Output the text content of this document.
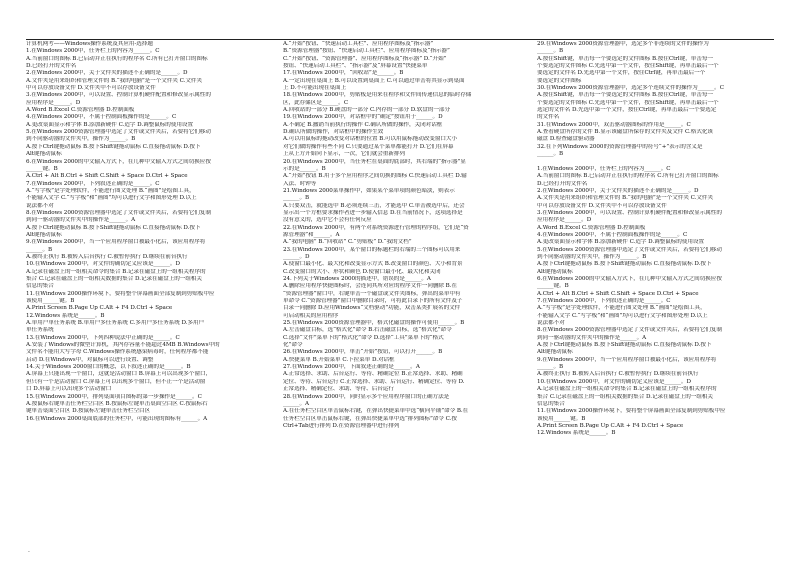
计算机网考——Windows操作系统及其应用-选择题
1.在Windows 2000中，任务栏上的内容为______。C
A.当前窗口的图标 B.已启动并正在执行的程序名 C.所有已打开窗口的图标
D.已经打开的文件名
2.在Windows 2000中，关于文件夹的描述不正确的是______。D
A.文件夹是用来组织和管理文件的 B.“我的电脑”是一个文件夹 C.文件夹
中可以存放设备文件 D.文件夹中不可以存放设备文件
3.在Windows 2000中，可以设置、控制计算机硬件配置和修改显示属性的
应用程序是______。D
A.Word B.Excel C.资源管理器 D.控制面板
4.在Windows 2000中，不属于控制面板操作的是______。C
A.更改桌面显示和字体 B.添加新硬件 C.造字 D.调整鼠标的使用设置
5.在Windows 2000资源管理器中选定了文件或文件夹后，若要将它们移动
到不同驱动器的文件夹中，操作为______。B
A.按下Ctrl键拖动鼠标 B.按下Shift键拖动鼠标 C.直接拖动鼠标 D.按下
Alt键拖动鼠标
6.在Windows 2000的中文输入方式下，在几种中文输入方式之间切换应按
______键。B
A.Ctrl + Alt B.Ctrl + Shift C.Shift + Space D.Ctrl + Space
7.在Windows 2000中，下列叙述正确的是______。C
A.“写字板”是字处理软件，不能进行图文处理 B.“画图”是绘图工具，
不能输入文字 C.“写字板”和“画图”均可以进行文字和图形处理 D.以上
说法都不对
8.在Windows 2000资源管理器中选定了文件或文件夹后，若要将它们复制
到同一驱动器的文件夹中的操作是______。A
A.按下Ctrl键拖动鼠标 B.按下Shift键拖动鼠标 C.直接拖动鼠标 D.按下
Alt键拖动鼠标
9.在Windows 2000中，当一个应用程序窗口被最小化后，该应用程序将
______。B
A.被终止执行 B.被转入后台执行 C.被暂停执行 D.继续在前台执行
10.在Windows 2000中，对文件的确切定义应该是______。D
A.记录在磁盘上的一组相关命令的集合 B.记录在磁盘上的一组相关程序的
集合 C.记录在磁盘上的一组相关数据的集合 D.记录在磁盘上的一组相关
信息的集合
11.在Windows 2000操作环境下，要将整个屏幕画面全部复制到剪贴板中应
该使用______键。B
A.Print Screen B.Page Up C.Alt + F4 D.Ctrl + Space
12.Windows 系统是______。B
A.单用户单任务系统 B.单用户多任务系统 C.多用户多任务系统 D.多用户
单任务系统
13.在Windows 2000中，下列四种说法中正确的是______。C
A.安装了Windows的微型计算机，其内存容量不能超过4MB B.Windows中的
文件名不能用大写字母 C.Windows操作系统感染病毒时，任何程序都不能
启动 D.在Windows中，对鼠标可以进行设置、调整
14.关于Windows 2000窗口的概念，以下叙述正确的是______。B
A.屏幕上只能出现一个窗口，这就是活动窗口 B.屏幕上可以出现多个窗口，
但只有一个是活动窗口 C.屏幕上可以出现多个窗口，但不止一个是活动窗
口 D.屏幕上可以出现多个活动窗口
15.在Windows 2000中，排列桌面项目图标的第一步操作是______。C
A.按鼠标右键单击任务栏空白区 B.按鼠标左键单击桌面空白区 C.按鼠标右
键单击桌面空白区 D.按鼠标左键单击任务栏空白区
16.在Windows 2000桌面底部的任务栏中，可能出现的图标有______。A
A.“开始”按钮、“快速启动工具栏”、应用程序图标及“指示器”
B.“资源管理器”按钮、“快速启动工具栏”、应用程序图标及“指示器”
C.“开始”按钮、“资源管理器”、应用程序图标及“指示器” D.“开始”
按钮、“快速启动工具栏”、“指示器”及“屏幕设置”快捷菜单
17.在Windows 2000中，“回收站”是______。B
A.一定出现在桌面上 B.可以设置到桌面上 C.可以通过单击将其显示到桌面
上 D.不可能出现在桌面上
18.在Windows 2000中，剪贴板是用来在程序和文件间传递信息的临时存储
区，此存储区是______。C
A.回收站的一部分 B.硬盘的一部分 C.内存的一部分 D.软盘的一部分
19.在Windows 2000中，对话框中的“确定”按钮用于______。D
A.不确定 B.撤销当前执行的操作 C.确认所做的操作，关闭对话框
D.确认所做的操作，对话框中的操作生效
A.可以用鼠标的拖动改变对话框的位置 B.可以用鼠标拖动改变窗口大小
对它们做的操作有些不同 C.只要通过某个菜单都能打开 D.它们在屏幕
上从上方开始向下显示，一次，它们就会重新排列
20.在Windows 2000中，当任务栏在桌面的底部时，其右端的“指示器”显
示的是______。B
A.“开始”按钮 B.用于多个应用程序之间切换的图标 C.快速启动工具栏 D.输
入法、时钟等
21.Windows 2000菜单操作中，如果某个菜单项的颜色暗淡，则表示
______。B
A.只要双击，就能选中 B.必须连续三击，才能选中 C.单击被选中后，还会
显示出一个方框要求操作者进一步输入信息 D.在当前情况下，这项选择是
没有意义的，选中它不会有任何反应
22.在Windows 2000中，有两个对系统资源进行管理的程序组，它们是“资
源管理器”和______。A
A.“我的电脑” B.“回收站” C.“剪贴板” D.“我的文档”
23.在Windows 2000中，某个窗口的标题栏的右端的三个图标可以用来
______。D
A.使窗口最小化、最大化和改变显示方式 B.改变窗口的颜色、大小和背景
C.改变窗口的大小、形状和颜色 D.使窗口最小化、最大化和关闭
24.下列关于Windows 2000的描述中，错误的是______。A
A.删除应用程序快捷图标时，会连同其所对应的程序文件一同删除 B.在
“资源管理器”窗口中，右键单击一个磁盘或文件夹图标，弹出的菜单中有
单命令 C.“资源管理器”窗口中删除目录时，可将此目录下的所有文件及子
目录一同删除 D.应用Windows“文档驱动”功能，双击某类扩展名的文件
可启动相关的应用程序
25.在Windows 2000资源管理器中，格式化磁盘的操作可使用______。B
A.左击磁盘目标，选“格式化”命令 B.右击磁盘目标，选“格式化”命令
C.选择“文件”菜单下的“格式化”命令 D.选择“工具”菜单下的“格式
化”命令
26.在Windows 2000中，单击“开始”按钮，可以打开______。B
A.快捷菜单 B.开始菜单 C.下拉菜单 D.对话框
27.在Windows 2000中，下面叙述正确的是______。A
A.正常选择、求助、后台运行、等待、精确定位 B.正常选择、求助、精确
定位、等待、后台运行 C.正常选择、求助、后台运行、精确定位、等待 D.
正常选择、精确定位、求助、等待、后台运行
28.在Windows 2000中，同时显示多个应用程序窗口的正确方法是
______。A
A.在任务栏空白区单击鼠标右键，在弹出快捷菜单中选“横向平铺”命令 B.在
任务栏空白区单击鼠标右键，在弹出快捷菜单中选“排列图标”命令 C.按
Ctrl+Tab进行排列 D.在资源管理器中进行排列
29.在Windows 2000资源管理器中，选定多个非连续的文件的操作为
______。B
A.按住Shift键，单击每一个要选定的文件图标 B.按住Ctrl键，单击每一
个要选定的文件图标 C.先选中第一个文件，按住Shift键，再单击最后一个
要选定的文件名 D.先选中第一个文件，按住Ctrl键，再单击最后一个
要选定的文件图标
30.在Windows 2000资源管理器中，选定多个连续文件的操作为______。C
A.按住Shift键，单击每一个要选定的文件图标 B.按住Ctrl键，单击每一
个要选定的文件图标 C.先选中第一个文件，按住Shift键，再单击最后一个
选定的文件名 D.先选中第一个文件，按住Ctrl键，再单击最后一个要选定
的文件名
31.在Windows 2000中，双击驱动器图标的作用是______。C
A.查看硬盘所存的文件 B.显示该磁盘所保存的文件夹及文件 C.格式化该
磁盘 D.检查磁盘驱动器
32.在下列Windows 2000的资源管理器中的符号“+”表示的含义是
______。B
1.在Windows 2000中，任务栏上的内容为______。C
A.当前窗口的图标 B.已启动并正在执行的程序名 C.所有已打开窗口的图标
D.已经打开的文件名
2.在Windows 2000中，关于文件夹的描述不正确的是______。D
A.文件夹是用来组织和管理文件的 B.“我的电脑”是一个文件夹 C.文件夹
中可以存放设备文件 D.文件夹中不可以存放设备文件
3.在Windows 2000中，可以设置、控制计算机硬件配置和修改显示属性的
应用程序是______。D
A.Word B.Excel C.资源管理器 D.控制面板
4.在Windows 2000中，不属于控制面板操作的是______。C
A.更改桌面显示和字体 B.添加新硬件 C.造字 D.调整鼠标的使用设置
5.在Windows 2000资源管理器中选定了文件或文件夹后，若要将它们移动
到不同驱动器的文件夹中，操作为______。B
A.按下Ctrl键拖动鼠标 B.按下Shift键拖动鼠标 C.直接拖动鼠标 D.按下
Alt键拖动鼠标
6.在Windows 2000的中文输入方式下，在几种中文输入方式之间切换应按
______键。B
A.Ctrl + Alt B.Ctrl + Shift C.Shift + Space D.Ctrl + Space
7.在Windows 2000中，下列叙述正确的是______。C
A.“写字板”是字处理软件，不能进行图文处理 B.“画图”是绘图工具，
不能输入文字 C.“写字板”和“画图”均可以进行文字和图形处理 D.以上
说法都不对
8.在Windows 2000资源管理器中选定了文件或文件夹后，若要将它们复制
到同一驱动器的文件夹中的操作是______。A
A.按下Ctrl键拖动鼠标 B.按下Shift键拖动鼠标 C.直接拖动鼠标 D.按下
Alt键拖动鼠标
9.在Windows 2000中，当一个应用程序窗口被最小化后，该应用程序将
______。B
A.被终止执行 B.被转入后台执行 C.被暂停执行 D.继续在前台执行
10.在Windows 2000中，对文件的确切定义应该是______。D
A.记录在磁盘上的一组相关命令的集合 B.记录在磁盘上的一组相关程序的
集合 C.记录在磁盘上的一组相关数据的集合 D.记录在磁盘上的一组相关
信息的集合
11.在Windows 2000操作环境下，要将整个屏幕画面全部复制到剪贴板中应
该使用______键。B
A.Print Screen B.Page Up C.Alt + F4 D.Ctrl + Space
12.Windows 系统是______。B
.
